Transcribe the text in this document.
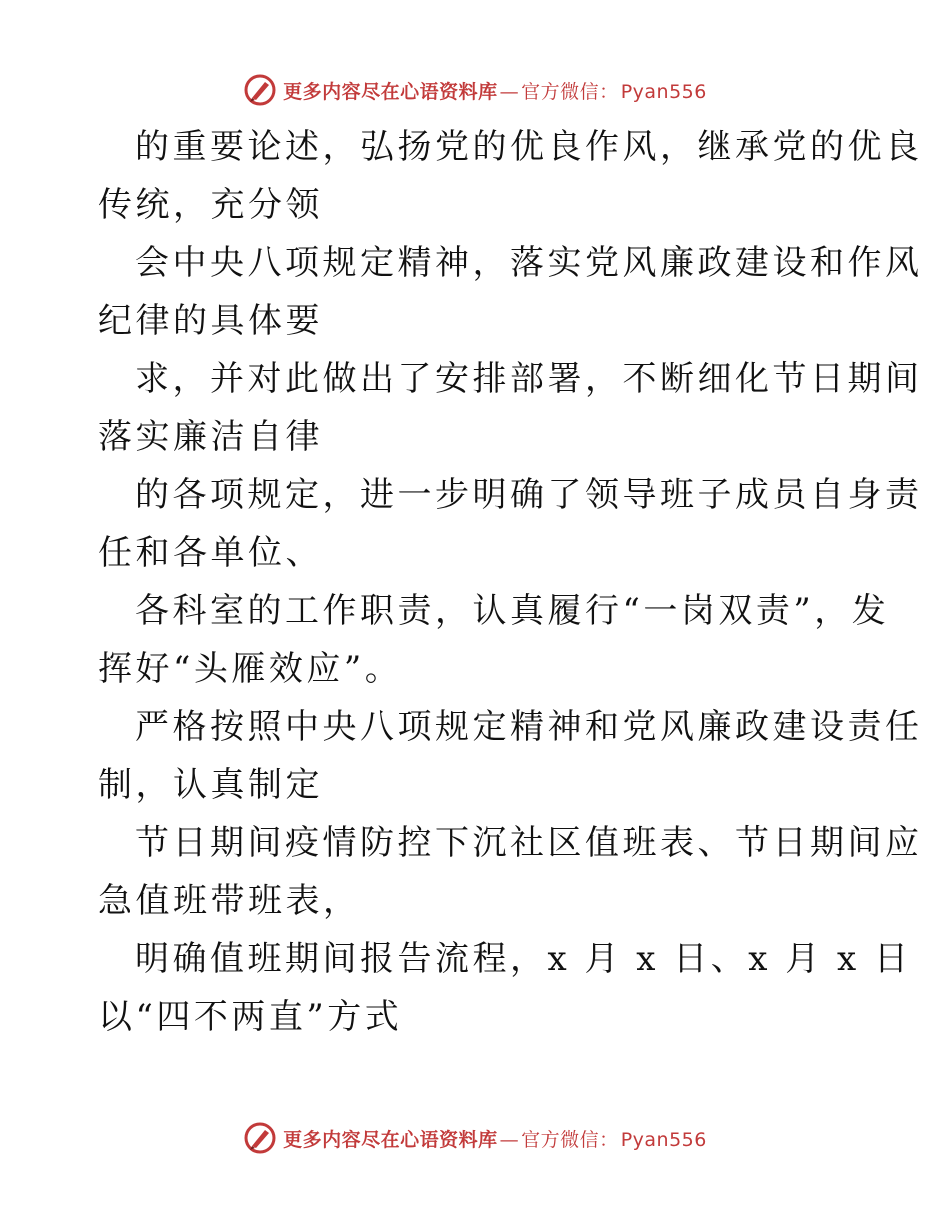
更多内容尽在心语资料库 — 官方微信： Pyan556
的重要论述，弘扬党的优良作风，继承党的优良
传统，充分领
会中央八项规定精神，落实党风廉政建设和作风
纪律的具体要
求，并对此做出了安排部署，不断细化节日期间
落实廉洁自律
的各项规定，进一步明确了领导班子成员自身责
任和各单位、
各科室的工作职责，认真履行“一岗双责”，发
挥好“头雁效应”。
严格按照中央八项规定精神和党风廉政建设责任
制，认真制定
节日期间疫情防控下沉社区值班表、节日期间应
急值班带班表，
明确值班期间报告流程，x 月 x 日、x 月 x 日
以“四不两直”方式
更多内容尽在心语资料库 — 官方微信： Pyan556
